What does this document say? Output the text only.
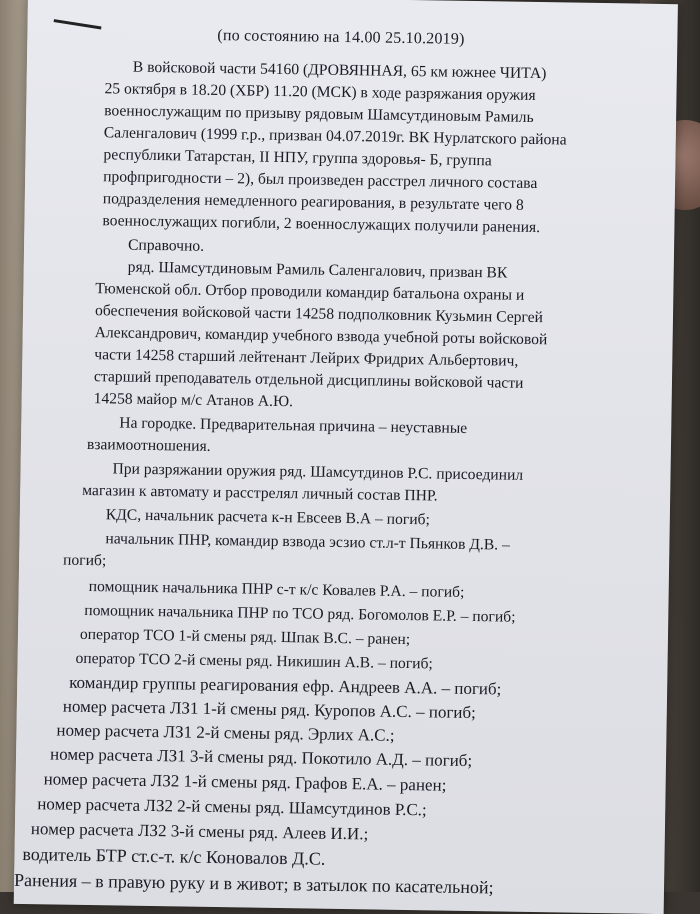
(по состоянию на 14.00 25.10.2019)
В войсковой части 54160 (ДРОВЯННАЯ, 65 км южнее ЧИТА)
25 октября в 18.20 (ХБР) 11.20 (МСК) в ходе разряжания оружия
военнослужащим по призыву рядовым Шамсутдиновым Рамиль
Саленгалович (1999 г.р., призван 04.07.2019г. ВК Нурлатского района
республики Татарстан, II НПУ, группа здоровья- Б, группа
профпригодности – 2), был произведен расстрел личного состава
подразделения немедленного реагирования, в результате чего 8
военнослужащих погибли, 2 военнослужащих получили ранения.
Справочно.
ряд. Шамсутдиновым Рамиль Саленгалович, призван ВК
Тюменской обл. Отбор проводили командир батальона охраны и
обеспечения войсковой части 14258 подполковник Кузьмин Сергей
Александрович, командир учебного взвода учебной роты войсковой
части 14258 старший лейтенант Лейрих Фридрих Альбертович,
старший преподаватель отдельной дисциплины войсковой части
14258 майор м/с Атанов А.Ю.
На городке. Предварительная причина – неуставные
взаимоотношения.
При разряжании оружия ряд. Шамсутдинов Р.С. присоединил
магазин к автомату и расстрелял личный состав ПНР.
КДС, начальник расчета к-н Евсеев В.А – погиб;
начальник ПНР, командир взвода эсзио ст.л-т Пьянков Д.В. –
погиб;
помощник начальника ПНР с-т к/с Ковалев Р.А. – погиб;
помощник начальника ПНР по ТСО ряд. Богомолов Е.Р. – погиб;
оператор ТСО 1-й смены ряд. Шпак В.С. – ранен;
оператор ТСО 2-й смены ряд. Никишин А.В. – погиб;
командир группы реагирования ефр. Андреев А.А. – погиб;
номер расчета ЛЗ1 1-й смены ряд. Куропов А.С. – погиб;
номер расчета ЛЗ1 2-й смены ряд. Эрлих А.С.;
номер расчета ЛЗ1 3-й смены ряд. Покотило А.Д. – погиб;
номер расчета ЛЗ2 1-й смены ряд. Графов Е.А. – ранен;
номер расчета ЛЗ2 2-й смены ряд. Шамсутдинов Р.С.;
номер расчета ЛЗ2 3-й смены ряд. Алеев И.И.;
водитель БТР ст.с-т. к/с Коновалов Д.С.
Ранения – в правую руку и в живот; в затылок по касательной;
